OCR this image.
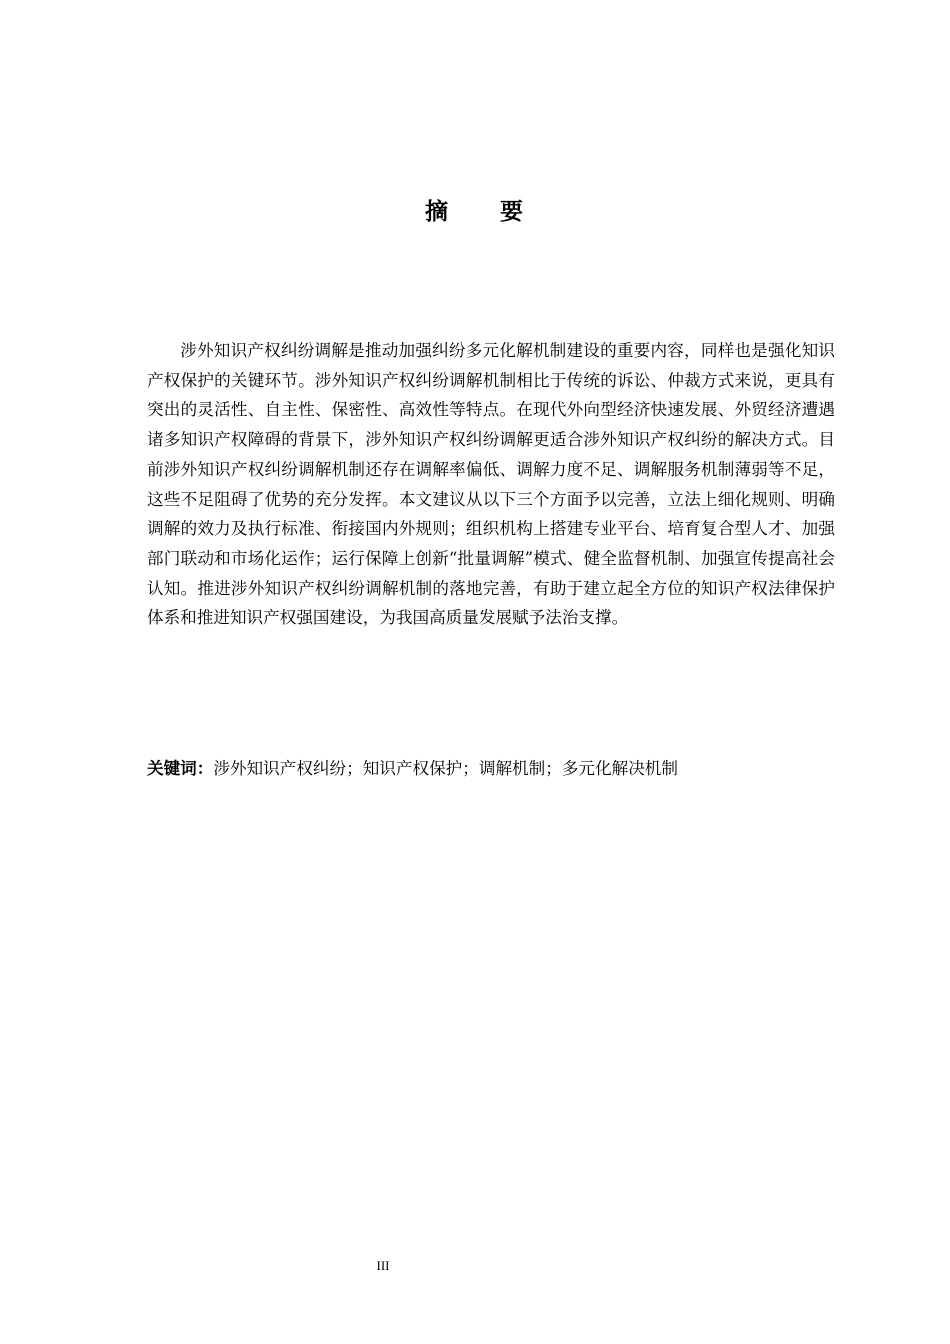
摘 要

涉外知识产权纠纷调解是推动加强纠纷多元化解机制建设的重要内容，同样也是强化知识产权保护的关键环节。涉外知识产权纠纷调解机制相比于传统的诉讼、仲裁方式来说，更具有突出的灵活性、自主性、保密性、高效性等特点。在现代外向型经济快速发展、外贸经济遭遇诸多知识产权障碍的背景下，涉外知识产权纠纷调解更适合涉外知识产权纠纷的解决方式。目前涉外知识产权纠纷调解机制还存在调解率偏低、调解力度不足、调解服务机制薄弱等不足，这些不足阻碍了优势的充分发挥。本文建议从以下三个方面予以完善，立法上细化规则、明确调解的效力及执行标准、衔接国内外规则；组织机构上搭建专业平台、培育复合型人才、加强部门联动和市场化运作；运行保障上创新“批量调解”模式、健全监督机制、加强宣传提高社会认知。推进涉外知识产权纠纷调解机制的落地完善，有助于建立起全方位的知识产权法律保护体系和推进知识产权强国建设，为我国高质量发展赋予法治支撑。

关键词：涉外知识产权纠纷；知识产权保护；调解机制；多元化解决机制

III
